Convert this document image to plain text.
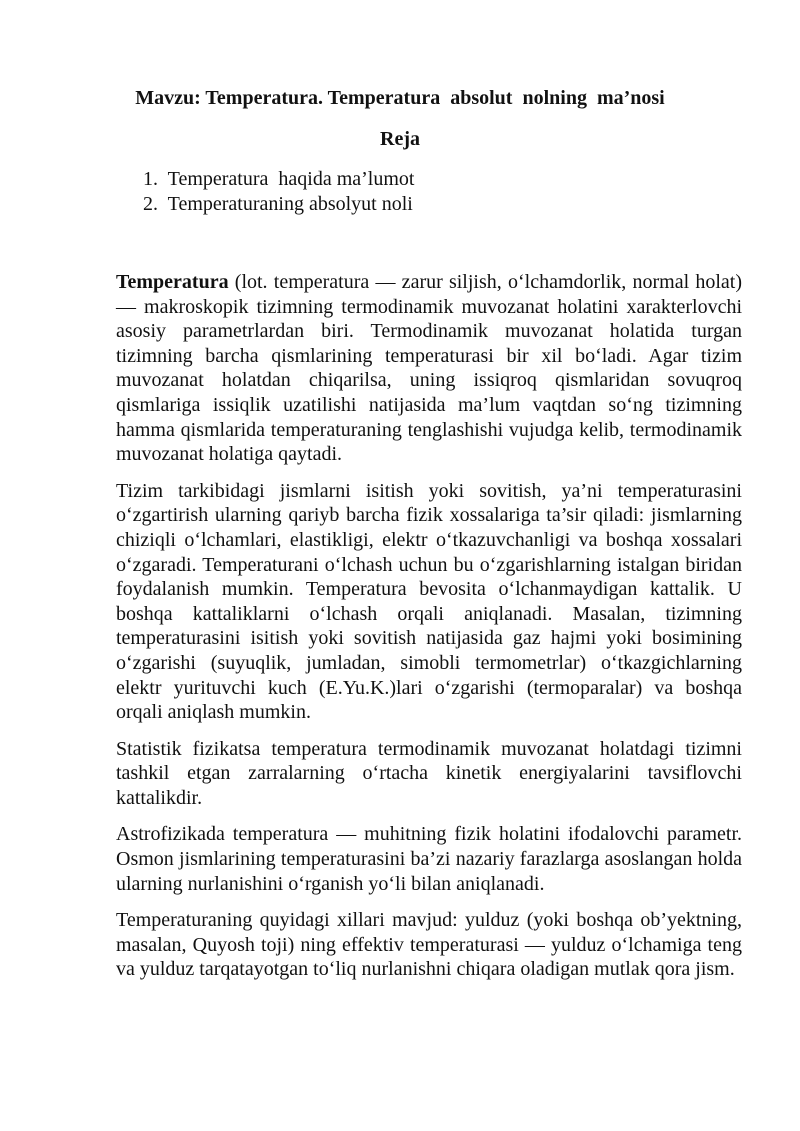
Mavzu: Temperatura. Temperatura  absolut  nolning  ma’nosi
Reja
1. Temperatura  haqida ma’lumot
2. Temperaturaning absolyut noli

Temperatura (lot. temperatura — zarur siljish, oʻlchamdorlik, normal holat) — makroskopik tizimning termodinamik muvozanat holatini xarakterlovchi asosiy parametrlardan biri. Termodinamik muvozanat holatida turgan tizimning barcha qismlarining temperaturasi bir xil boʻladi. Agar tizim muvozanat holatdan chiqarilsa, uning issiqroq qismlaridan sovuqroq qismlariga issiqlik uzatilishi natijasida ma’lum vaqtdan soʻng tizimning hamma qismlarida temperaturaning tenglashishi vujudga kelib, termodinamik muvozanat holatiga qaytadi.

Tizim tarkibidagi jismlarni isitish yoki sovitish, ya’ni temperaturasini oʻzgartirish ularning qariyb barcha fizik xossalariga ta’sir qiladi: jismlarning chiziqli oʻlchamlari, elastikligi, elektr oʻtkazuvchanligi va boshqa xossalari oʻzgaradi. Temperaturani oʻlchash uchun bu oʻzgarishlarning istalgan biridan foydalanish mumkin. Temperatura bevosita oʻlchanmaydigan kattalik. U boshqa kattaliklarni oʻlchash orqali aniqlanadi. Masalan, tizimning temperaturasini isitish yoki sovitish natijasida gaz hajmi yoki bosimining oʻzgarishi (suyuqlik, jumladan, simobli termometrlar) oʻtkazgichlarning elektr yurituvchi kuch (E.Yu.K.)lari oʻzgarishi (termoparalar) va boshqa orqali aniqlash mumkin.

Statistik fizikatsa temperatura termodinamik muvozanat holatdagi tizimni tashkil etgan zarralarning oʻrtacha kinetik energiyalarini tavsiflovchi kattalikdir.

Astrofizikada temperatura — muhitning fizik holatini ifodalovchi parametr. Osmon jismlarining temperaturasini ba’zi nazariy farazlarga asoslangan holda ularning nurlanishini oʻrganish yoʻli bilan aniqlanadi.

Temperaturaning quyidagi xillari mavjud: yulduz (yoki boshqa ob’yektning, masalan, Quyosh toji) ning effektiv temperaturasi — yulduz oʻlchamiga teng va yulduz tarqatayotgan toʻliq nurlanishni chiqara oladigan mutlak qora jism.
